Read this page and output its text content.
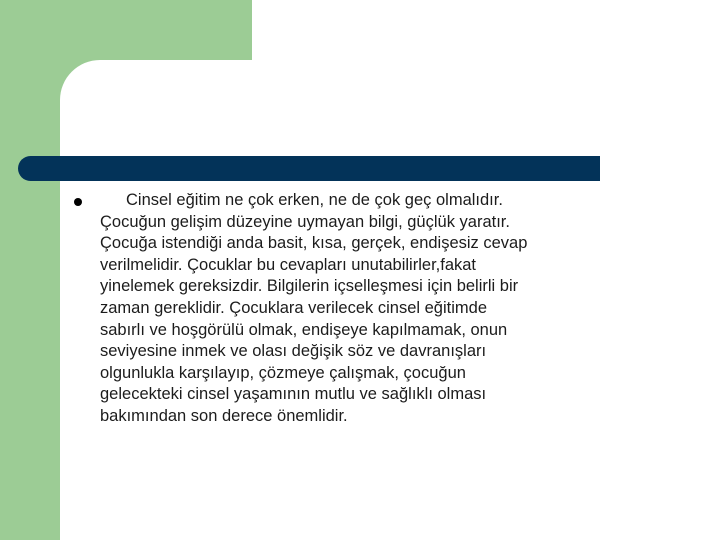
Cinsel eğitim ne çok erken, ne de çok geç olmalıdır.
Çocuğun gelişim düzeyine uymayan bilgi, güçlük yaratır.
Çocuğa istendiği anda basit, kısa, gerçek, endişesiz cevap
verilmelidir. Çocuklar bu cevapları unutabilirler,fakat
yinelemek gereksizdir. Bilgilerin içselleşmesi için belirli bir
zaman gereklidir. Çocuklara verilecek cinsel eğitimde
sabırlı ve hoşgörülü olmak, endişeye kapılmamak, onun
seviyesine inmek ve olası değişik söz ve davranışları
olgunlukla karşılayıp, çözmeye çalışmak, çocuğun
gelecekteki cinsel yaşamının mutlu ve sağlıklı olması
bakımından son derece önemlidir.
